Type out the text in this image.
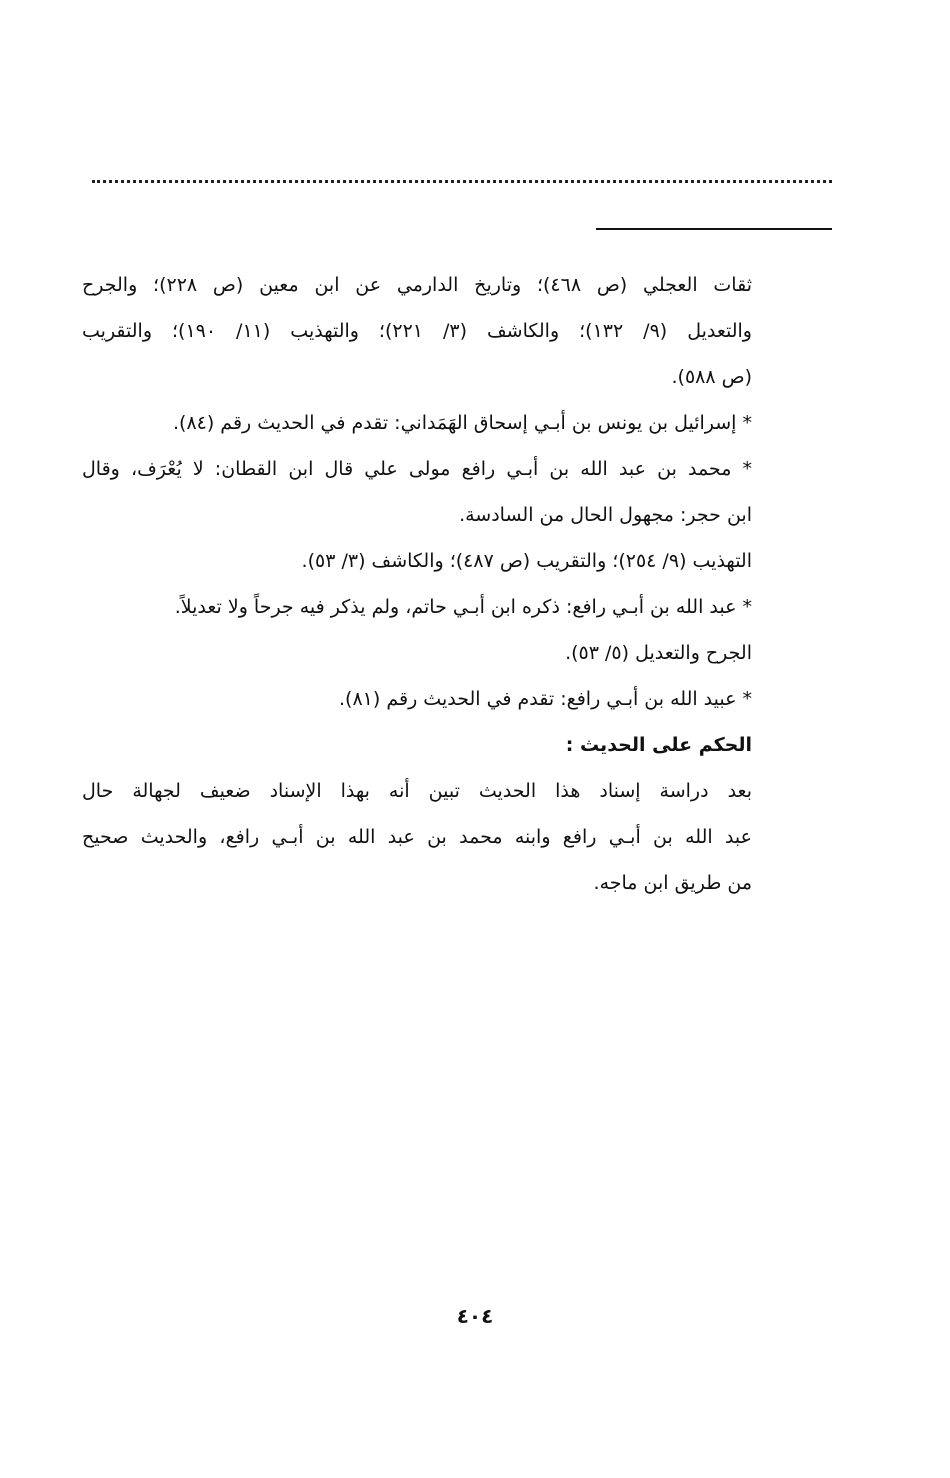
ثقات العجلي (ص ٤٦٨)؛ وتاريخ الدارمي عن ابن معين (ص ٢٢٨)؛ والجرح
والتعديل (٩/ ١٣٢)؛ والكاشف (٣/ ٢٢١)؛ والتهذيب (١١/ ١٩٠)؛ والتقريب
(ص ٥٨٨).
* إسرائيل بن يونس بن أبـي إسحاق الهَمَداني: تقدم في الحديث رقم (٨٤).
* محمد بن عبد الله بن أبـي رافع مولى علي قال ابن القطان: لا يُعْرَف، وقال
ابن حجر: مجهول الحال من السادسة.
التهذيب (٩/ ٢٥٤)؛ والتقريب (ص ٤٨٧)؛ والكاشف (٣/ ٥٣).
* عبد الله بن أبـي رافع: ذكره ابن أبـي حاتم، ولم يذكر فيه جرحاً ولا تعديلاً.
الجرح والتعديل (٥/ ٥٣).
* عبيد الله بن أبـي رافع: تقدم في الحديث رقم (٨١).
الحكم على الحديث :
بعد دراسة إسناد هذا الحديث تبين أنه بهذا الإسناد ضعيف لجهالة حال
عبد الله بن أبـي رافع وابنه محمد بن عبد الله بن أبـي رافع، والحديث صحيح
من طريق ابن ماجه.
٤٠٤
